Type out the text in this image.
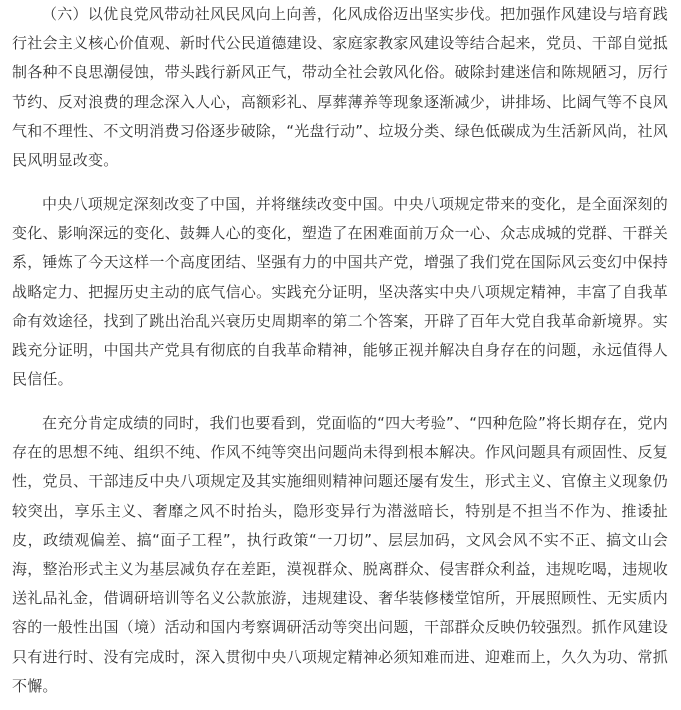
（六）以优良党风带动社风民风向上向善，化风成俗迈出坚实步伐。把加强作风建设与培育践行社会主义核心价值观、新时代公民道德建设、家庭家教家风建设等结合起来，党员、干部自觉抵制各种不良思潮侵蚀，带头践行新风正气，带动全社会敦风化俗。破除封建迷信和陈规陋习，厉行节约、反对浪费的理念深入人心，高额彩礼、厚葬薄养等现象逐渐减少，讲排场、比阔气等不良风气和不理性、不文明消费习俗逐步破除，“光盘行动”、垃圾分类、绿色低碳成为生活新风尚，社风民风明显改变。

中央八项规定深刻改变了中国，并将继续改变中国。中央八项规定带来的变化，是全面深刻的变化、影响深远的变化、鼓舞人心的变化，塑造了在困难面前万众一心、众志成城的党群、干群关系，锤炼了今天这样一个高度团结、坚强有力的中国共产党，增强了我们党在国际风云变幻中保持战略定力、把握历史主动的底气信心。实践充分证明，坚决落实中央八项规定精神，丰富了自我革命有效途径，找到了跳出治乱兴衰历史周期率的第二个答案，开辟了百年大党自我革命新境界。实践充分证明，中国共产党具有彻底的自我革命精神，能够正视并解决自身存在的问题，永远值得人民信任。

在充分肯定成绩的同时，我们也要看到，党面临的“四大考验”、“四种危险”将长期存在，党内存在的思想不纯、组织不纯、作风不纯等突出问题尚未得到根本解决。作风问题具有顽固性、反复性，党员、干部违反中央八项规定及其实施细则精神问题还屡有发生，形式主义、官僚主义现象仍较突出，享乐主义、奢靡之风不时抬头，隐形变异行为潜滋暗长，特别是不担当不作为、推诿扯皮，政绩观偏差、搞“面子工程”，执行政策“一刀切”、层层加码，文风会风不实不正、搞文山会海，整治形式主义为基层减负存在差距，漠视群众、脱离群众、侵害群众利益，违规吃喝，违规收送礼品礼金，借调研培训等名义公款旅游，违规建设、奢华装修楼堂馆所，开展照顾性、无实质内容的一般性出国（境）活动和国内考察调研活动等突出问题，干部群众反映仍较强烈。抓作风建设只有进行时、没有完成时，深入贯彻中央八项规定精神必须知难而进、迎难而上，久久为功、常抓不懈。
